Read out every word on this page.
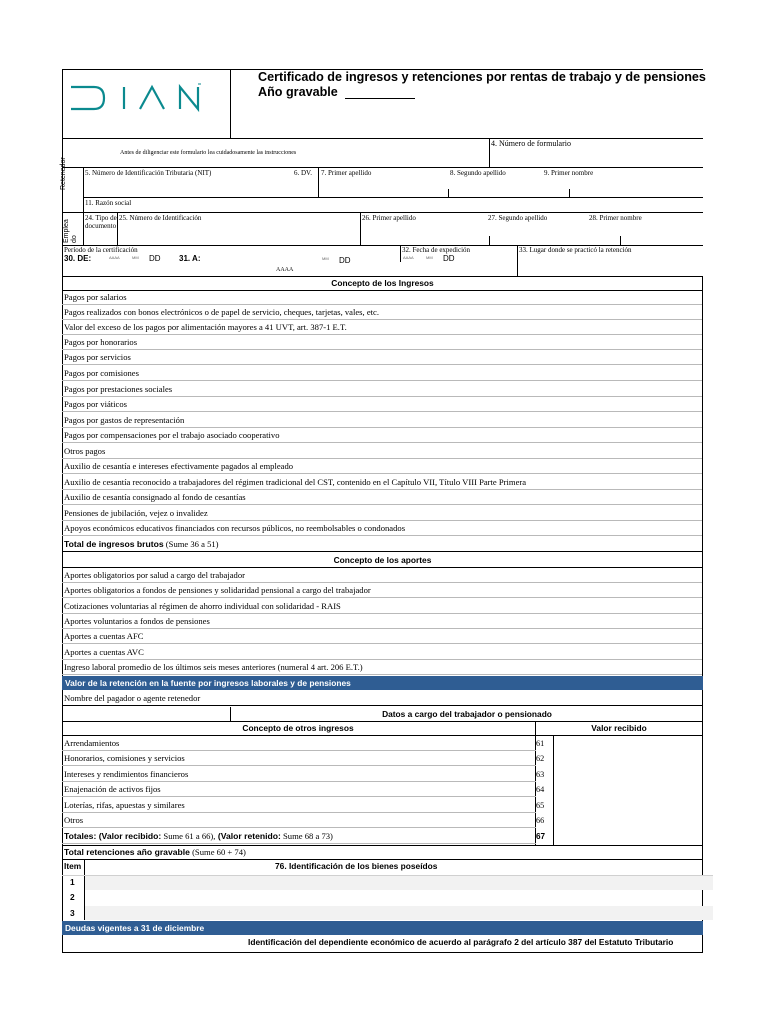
Certificado de ingresos y retenciones por rentas de trabajo y de pensiones
Año gravable
Antes de diligenciar este formulario lea cuidadosamente las instrucciones
4. Número de formulario
Retenedor	5. Número de Identificación Tributaria (NIT)	6. DV. 7. Primer apellido	8. Segundo apellido	9. Primer nombre
11. Razón social
Emplea
do
24. Tipo de
documento
25. Número de Identificación	26. Primer apellido	27. Segundo apellido	28. Primer nombre
Período de la certificación
30. DE:	AAAA	MM DD 31. A:	MM DD
AAAA
32. Fecha de expedición
AAAA	MM DD
33. Lugar donde se practicó la retención
Concepto de los Ingresos
Pagos por salarios
Pagos realizados con bonos electrónicos o de papel de servicio, cheques, tarjetas, vales, etc.
Valor del exceso de los pagos por alimentación mayores a 41 UVT, art. 387-1 E.T.
Pagos por honorarios
Pagos por servicios
Pagos por comisiones
Pagos por prestaciones sociales
Pagos por viáticos
Pagos por gastos de representación
Pagos por compensaciones por el trabajo asociado cooperativo
Otros pagos
Auxilio de cesantía e intereses efectivamente pagados al empleado
Auxilio de cesantía reconocido a trabajadores del régimen tradicional del CST, contenido en el Capítulo VII, Título VIII Parte Primera
Auxilio de cesantía consignado al fondo de cesantías
Pensiones de jubilación, vejez o invalidez
Apoyos económicos educativos financiados con recursos públicos, no reembolsables o condonados
Total de ingresos brutos (Sume 36 a 51)
Concepto de los aportes
Aportes obligatorios por salud a cargo del trabajador
Aportes obligatorios a fondos de pensiones y solidaridad pensional a cargo del trabajador
Cotizaciones voluntarias al régimen de ahorro individual con solidaridad - RAIS
Aportes voluntarios a fondos de pensiones
Aportes a cuentas AFC
Aportes a cuentas AVC
Ingreso laboral promedio de los últimos seis meses anteriores (numeral 4 art. 206 E.T.)
Valor de la retención en la fuente por ingresos laborales y de pensiones
Nombre del pagador o agente retenedor
Datos a cargo del trabajador o pensionado
Concepto de otros ingresos	Valor recibido
Arrendamientos	61
Honorarios, comisiones y servicios	62
Intereses y rendimientos financieros	63
Enajenación de activos fijos	64
Loterías, rifas, apuestas y similares	65
Otros	66
Totales: (Valor recibido: Sume 61 a 66), (Valor retenido: Sume 68 a 73)	67
Total retenciones año gravable (Sume 60 + 74)
Item	76. Identificación de los bienes poseídos
1
2
3
Deudas vigentes a 31 de diciembre
Identificación del dependiente económico de acuerdo al parágrafo 2 del artículo 387 del Estatuto Tributario
